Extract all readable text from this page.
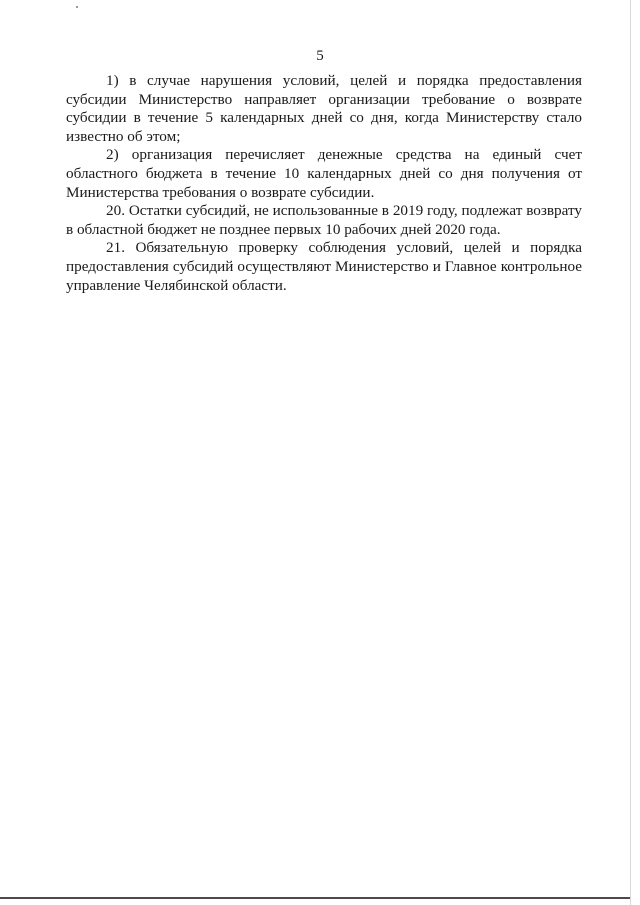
5

1) в случае нарушения условий, целей и порядка предоставления субсидии Министерство направляет организации требование о возврате субсидии в течение 5 календарных дней со дня, когда Министерству стало известно об этом;

2) организация перечисляет денежные средства на единый счет областного бюджета в течение 10 календарных дней со дня получения от Министерства требования о возврате субсидии.

20. Остатки субсидий, не использованные в 2019 году, подлежат возврату в областной бюджет не позднее первых 10 рабочих дней 2020 года.

21. Обязательную проверку соблюдения условий, целей и порядка предоставления субсидий осуществляют Министерство и Главное контрольное управление Челябинской области.
